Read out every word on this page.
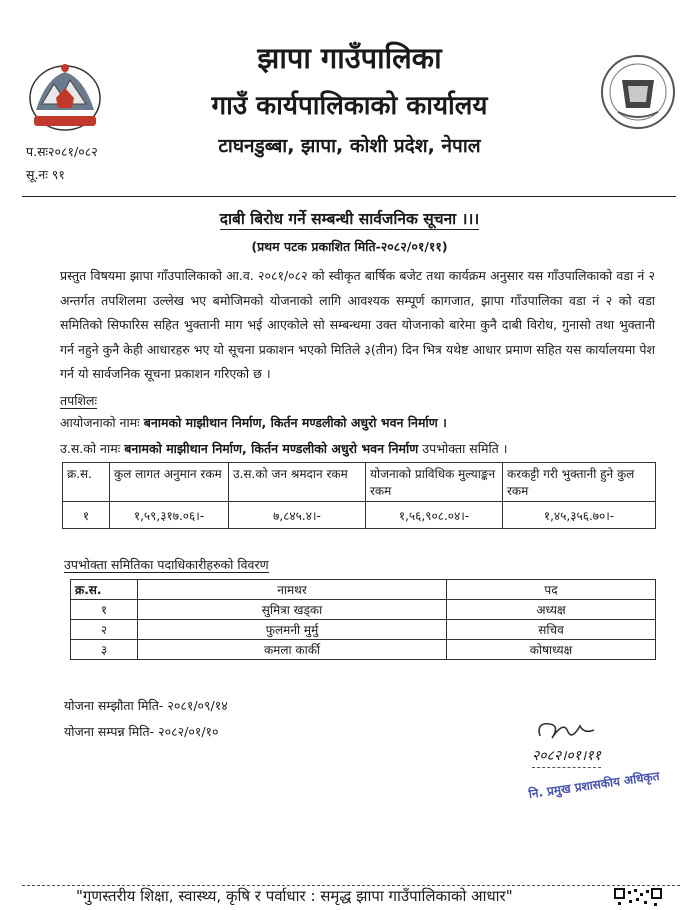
झापा गाउँपालिका
गाउँ कार्यपालिकाको कार्यालय
टाघनडुब्बा, झापा, कोशी प्रदेश, नेपाल
प.सः२०८१/०८२
सू.नः ९१
दाबी बिरोध गर्ने सम्बन्धी सार्वजनिक सूचना ।।।
(प्रथम पटक प्रकाशित मिति-२०८२/०१/११)

प्रस्तुत विषयमा झापा गाँउपालिकाको आ.व. २०८१/०८२ को स्वीकृत बार्षिक बजेट तथा कार्यक्रम अनुसार यस गाँउपालिकाको वडा नं २ अन्तर्गत तपशिलमा उल्लेख भए बमोजिमको योजनाको लागि आवश्यक सम्पूर्ण कागजात, झापा गाँउपालिका वडा नं २ को वडा समितिको सिफारिस सहित भुक्तानी माग भई आएकोले सो सम्बन्धमा उक्त योजनाको बारेमा कुनै दाबी विरोध, गुनासो तथा भुक्तानी गर्न नहुने कुनै केही आधारहरु भए यो सूचना प्रकाशन भएको मितिले ३(तीन) दिन भित्र यथेष्ट आधार प्रमाण सहित यस कार्यालयमा पेश गर्न यो सार्वजनिक सूचना प्रकाशन गरिएको छ ।

तपशिलः
आयोजनाको नामः बनामको माझीथान निर्माण, किर्तन मण्डलीको अधुरो भवन निर्माण ।
उ.स.को नामः बनामको माझीथान निर्माण, किर्तन मण्डलीको अधुरो भवन निर्माण उपभोक्ता समिति ।
क्र.स.	कुल लागत अनुमान रकम	उ.स.को जन श्रमदान रकम	योजनाको प्राविधिक मुल्याङ्कन रकम	करकट्टी गरी भुक्तानी हुने कुल रकम
१	१,५९,३१७.०६।-	७,८४५.४।-	१,५६,९०८.०४।-	१,४५,३५६.७०।-
उपभोक्ता समितिका पदाधिकारीहरुको विवरण
क्र.स.	नामथर	पद
१	सुमित्रा खड्का	अध्यक्ष
२	फुलमनी मुर्मु	सचिव
३	कमला कार्की	कोषाध्यक्ष
योजना सम्झौता मिति- २०८१/०९/१४
योजना सम्पन्न मिति- २०८२/०१/१०
२०८२।०१।११
नि. प्रमुख प्रशासकीय अधिकृत
"गुणस्तरीय शिक्षा, स्वास्थ्य, कृषि र पर्वाधार : समृद्ध झापा गाउँपालिकाको आधार"
